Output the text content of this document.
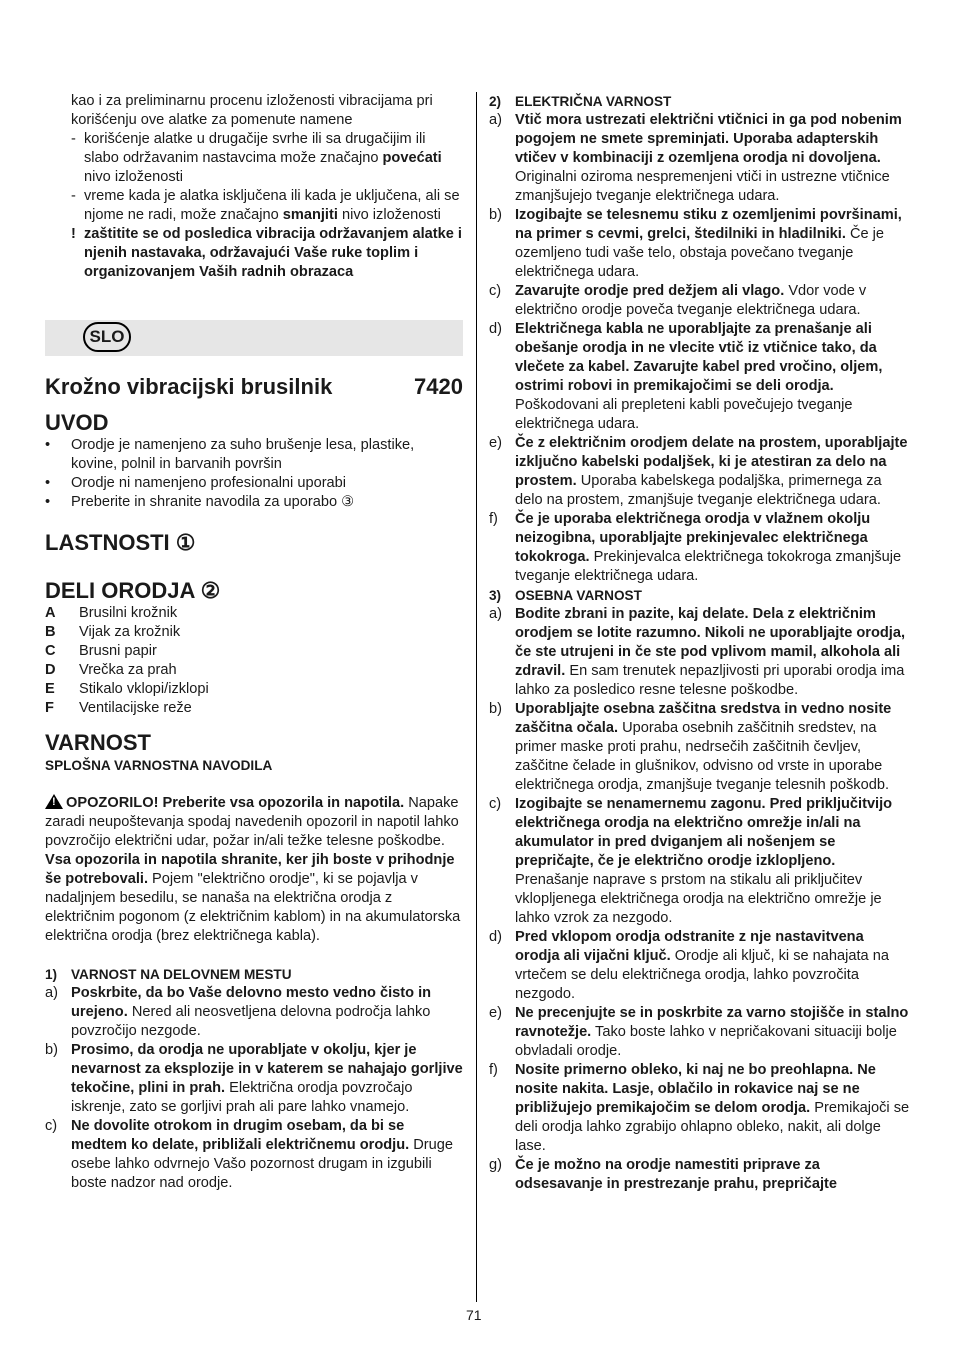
kao i za preliminarnu procenu izloženosti vibracijama pri korišćenju ove alatke za pomenute namene

- korišćenje alatke u drugačije svrhe ili sa drugačijim ili slabo održavanim nastavcima može značajno povećati nivo izloženosti
- vreme kada je alatka isključena ili kada je uključena, ali se njome ne radi, može značajno smanjiti nivo izloženosti
! zaštitite se od posledica vibracija održavanjem alatke i njenih nastavaka, održavajući Vaše ruke toplim i organizovanjem Vaših radnih obrazaca
SLO
Krožno vibracijski brusilnik	7420
UVOD
•	Orodje je namenjeno za suho brušenje lesa, plastike, kovine, polnil in barvanih površin
•	Orodje ni namenjeno profesionalni uporabi
•	Preberite in shranite navodila za uporabo ③
LASTNOSTI ①
DELI ORODJA ②
A	Brusilni krožnik
B	Vijak za krožnik
C	Brusni papir
D	Vrečka za prah
E	Stikalo vklopi/izklopi
F	Ventilacijske reže
VARNOST

SPLOŠNA VARNOSTNA NAVODILA

!OPOZORILO! Preberite vsa opozorila in napotila. Napake zaradi neupoštevanja spodaj navedenih opozoril in napotil lahko povzročijo električni udar, požar in/ali težke telesne poškodbe. Vsa opozorila in napotila shranite, ker jih boste v prihodnje še potrebovali. Pojem "električno orodje", ki se pojavlja v nadaljnjem besedilu, se nanaša na električna orodja z električnim pogonom (z električnim kablom) in na akumulatorska električna orodja (brez električnega kabla).

1)	VARNOST NA DELOVNEM MESTU
a) Poskrbite, da bo Vaše delovno mesto vedno čisto in urejeno. Nered ali neosvetljena delovna področja lahko povzročijo nezgode.
b) Prosimo, da orodja ne uporabljate v okolju, kjer je nevarnost za eksplozije in v katerem se nahajajo gorljive tekočine, plini in prah. Električna orodja povzročajo iskrenje, zato se gorljivi prah ali pare lahko vnamejo.
c) Ne dovolite otrokom in drugim osebam, da bi se medtem ko delate, približali električnemu orodju. Druge osebe lahko odvrnejo Vašo pozornost drugam in izgubili boste nadzor nad orodje.
2)	ELEKTRIČNA VARNOST
a) Vtič mora ustrezati električni vtičnici in ga pod nobenim pogojem ne smete spreminjati. Uporaba adapterskih vtičev v kombinaciji z ozemljena orodja ni dovoljena. Originalni oziroma nespremenjeni vtiči in ustrezne vtičnice zmanjšujejo tveganje električnega udara.
b) Izogibajte se telesnemu stiku z ozemljenimi površinami, na primer s cevmi, grelci, štedilniki in hladilniki. Če je ozemljeno tudi vaše telo, obstaja povečano tveganje električnega udara.
c) Zavarujte orodje pred dežjem ali vlago. Vdor vode v električno orodje poveča tveganje električnega udara.
d) Električnega kabla ne uporabljajte za prenašanje ali obešanje orodja in ne vlecite vtič iz vtičnice tako, da vlečete za kabel. Zavarujte kabel pred vročino, oljem, ostrimi robovi in premikajočimi se deli orodja. Poškodovani ali prepleteni kabli povečujejo tveganje električnega udara.
e) Če z električnim orodjem delate na prostem, uporabljajte izključno kabelski podaljšek, ki je atestiran za delo na prostem. Uporaba kabelskega podaljška, primernega za delo na prostem, zmanjšuje tveganje električnega udara.
f)	Če je uporaba električnega orodja v vlažnem okolju neizogibna, uporabljajte prekinjevalec električnega tokokroga. Prekinjevalca električnega tokokroga zmanjšuje tveganje električnega udara.
3)	OSEBNA VARNOST
a) Bodite zbrani in pazite, kaj delate. Dela z električnim orodjem se lotite razumno. Nikoli ne uporabljajte orodja, če ste utrujeni in če ste pod vplivom mamil, alkohola ali zdravil. En sam trenutek nepazljivosti pri uporabi orodja ima lahko za posledico resne telesne poškodbe.
b) Uporabljajte osebna zaščitna sredstva in vedno nosite zaščitna očala. Uporaba osebnih zaščitnih sredstev, na primer maske proti prahu, nedrsečih zaščitnih čevljev, zaščitne čelade in glušnikov, odvisno od vrste in uporabe električnega orodja, zmanjšuje tveganje telesnih poškodb.
c) Izogibajte se nenamernemu zagonu. Pred priključitvijo električnega orodja na električno omrežje in/ali na akumulator in pred dviganjem ali nošenjem se prepričajte, če je električno orodje izklopljeno. Prenašanje naprave s prstom na stikalu ali priključitev vklopljenega električnega orodja na električno omrežje je lahko vzrok za nezgodo.
d) Pred vklopom orodja odstranite z nje nastavitvena orodja ali vijačni ključ. Orodje ali ključ, ki se nahajata na vrtečem se delu električnega orodja, lahko povzročita nezgodo.
e) Ne precenjujte se in poskrbite za varno stojišče in stalno ravnotežje. Tako boste lahko v nepričakovani situaciji bolje obvladali orodje.
f)	Nosite primerno obleko, ki naj ne bo preohlapna. Ne nosite nakita. Lasje, oblačilo in rokavice naj se ne približujejo premikajočim se delom orodja. Premikajoči se deli orodja lahko zgrabijo ohlapno obleko, nakit, ali dolge lase.
g) Če je možno na orodje namestiti priprave za odsesavanje in prestrezanje prahu, prepričajte
71
